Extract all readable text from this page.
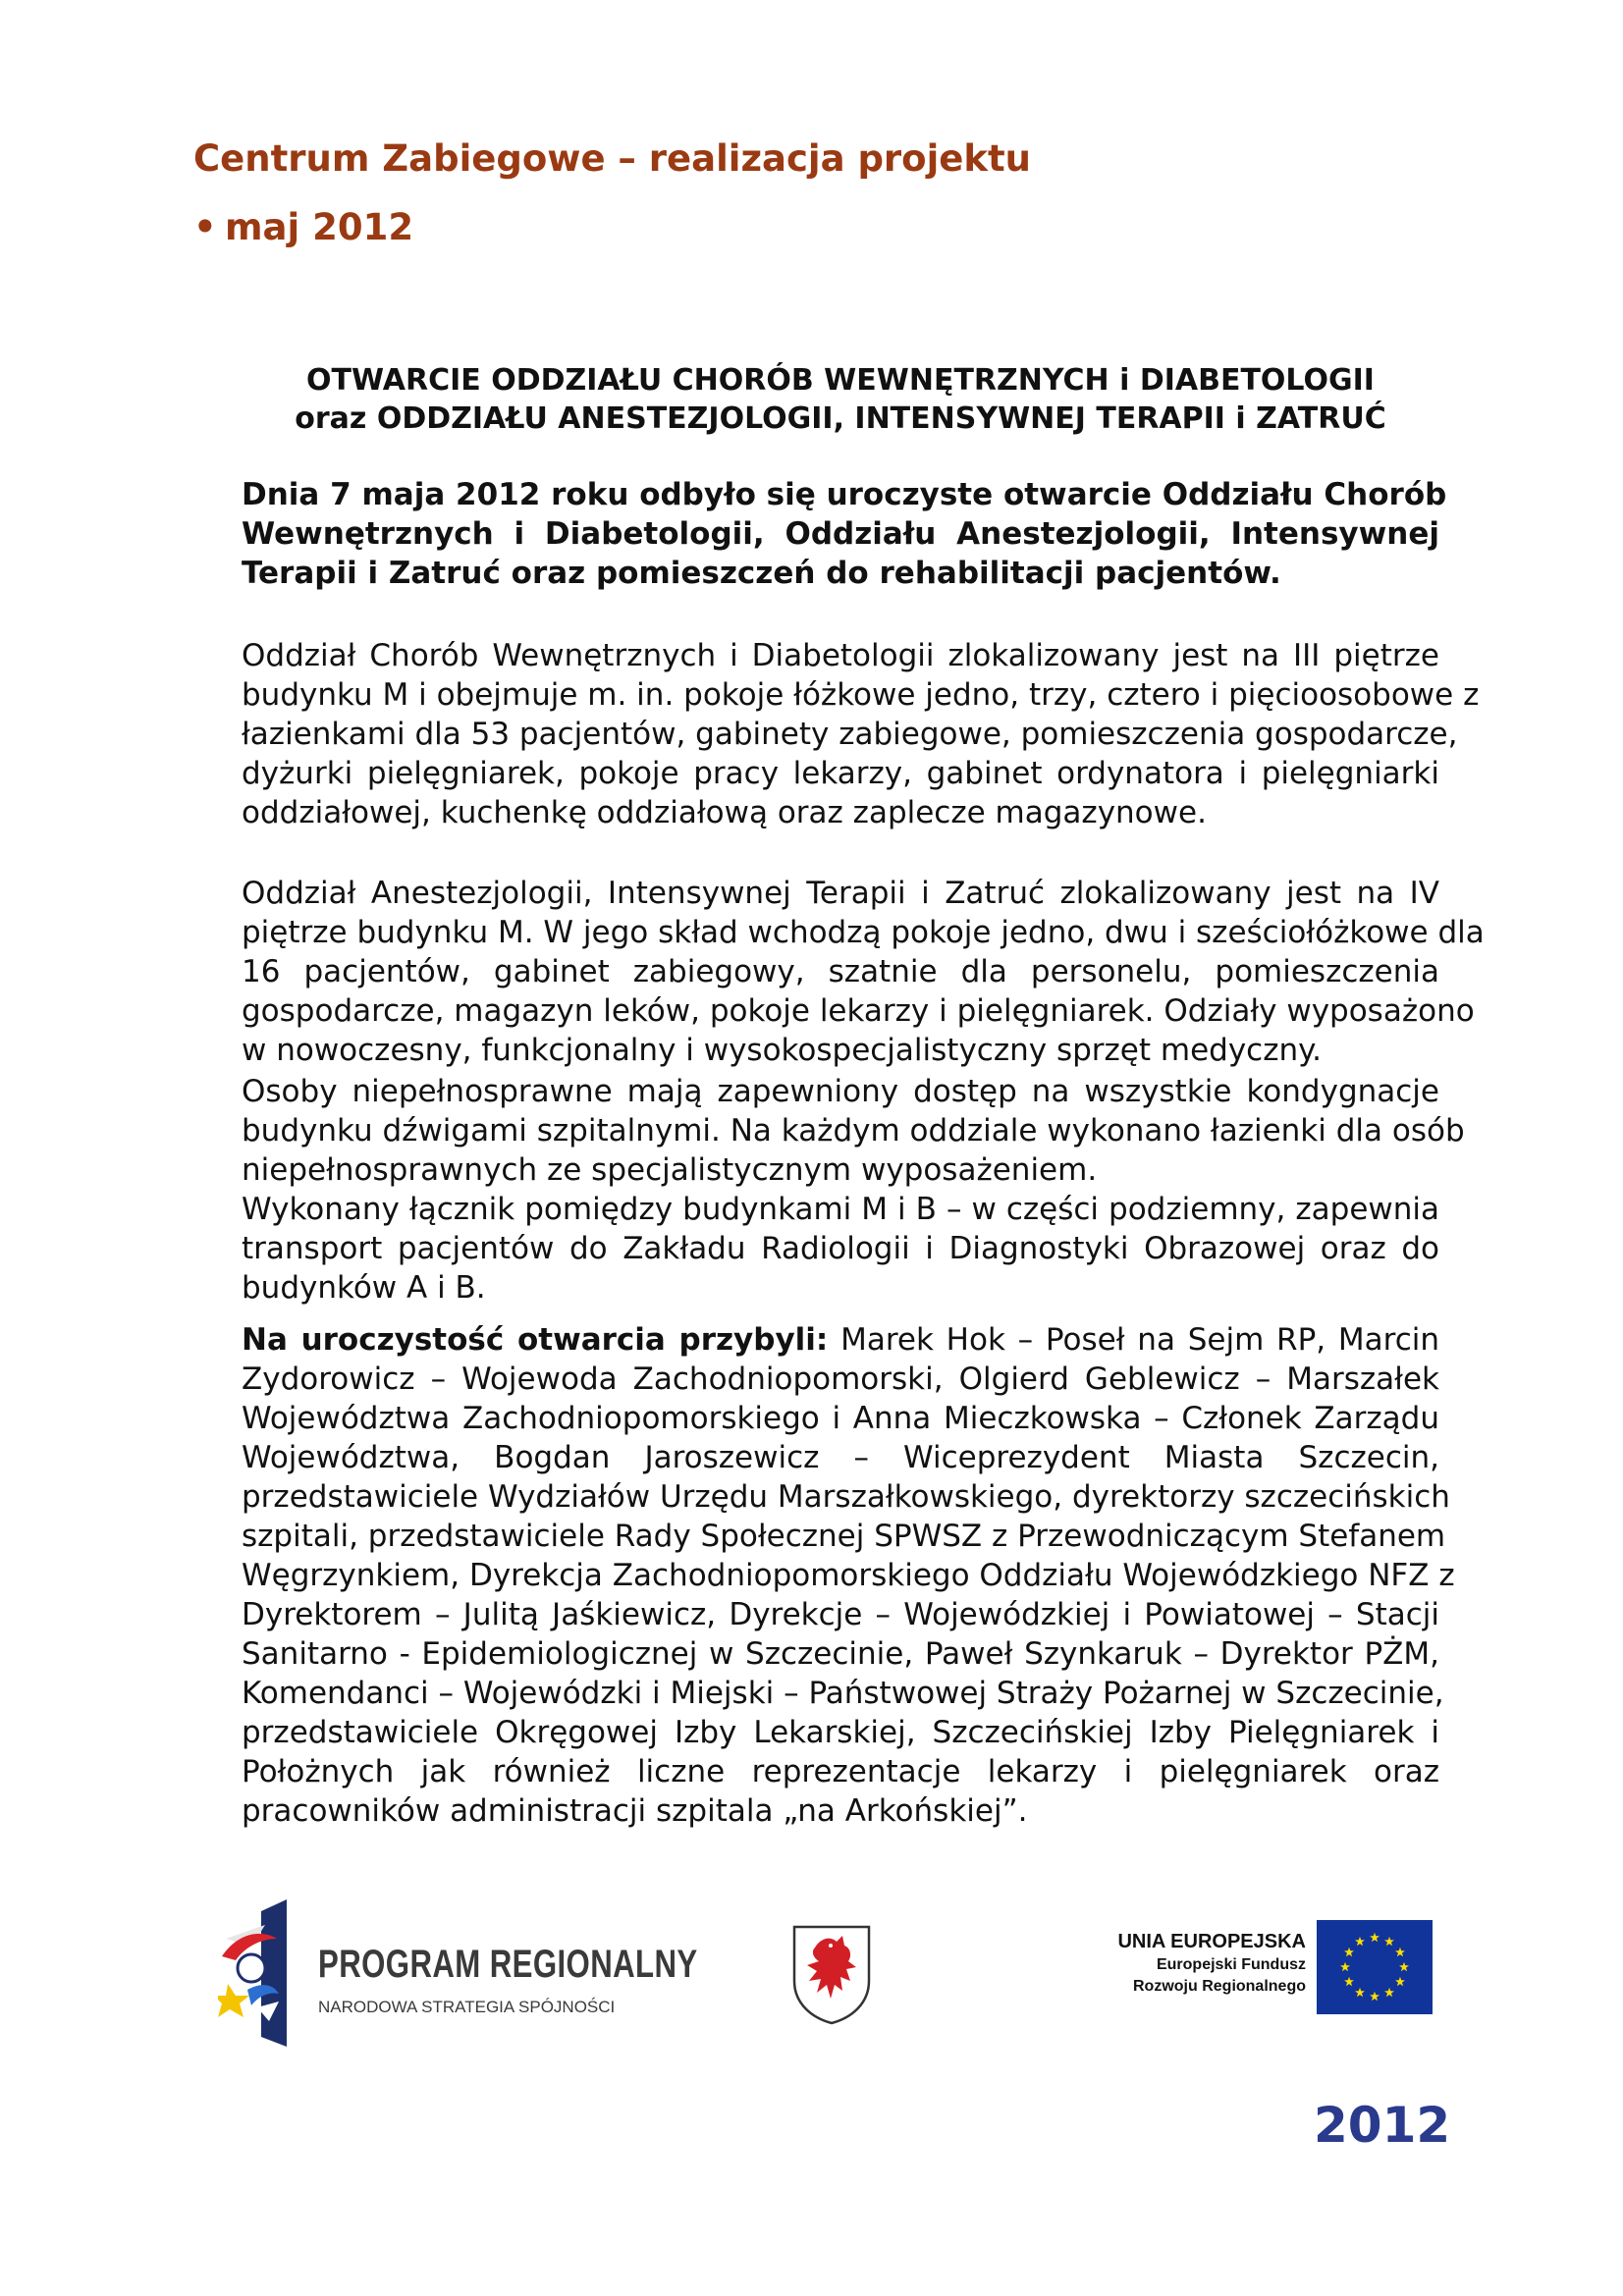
Centrum Zabiegowe – realizacja projektu
• maj 2012
OTWARCIE ODDZIAŁU CHORÓB WEWNĘTRZNYCH i DIABETOLOGII
oraz ODDZIAŁU ANESTEZJOLOGII, INTENSYWNEJ TERAPII i ZATRUĆ
Dnia 7 maja 2012 roku odbyło się uroczyste otwarcie Oddziału Chorób
Wewnętrznych i Diabetologii, Oddziału Anestezjologii, Intensywnej
Terapii i Zatruć oraz pomieszczeń do rehabilitacji pacjentów.
Oddział Chorób Wewnętrznych i Diabetologii zlokalizowany jest na III piętrze
budynku M i obejmuje m. in. pokoje łóżkowe jedno, trzy, cztero i pięcioosobowe z
łazienkami dla 53 pacjentów, gabinety zabiegowe, pomieszczenia gospodarcze,
dyżurki pielęgniarek, pokoje pracy lekarzy, gabinet ordynatora i pielęgniarki
oddziałowej, kuchenkę oddziałową oraz zaplecze magazynowe.
Oddział Anestezjologii, Intensywnej Terapii i Zatruć zlokalizowany jest na IV
piętrze budynku M. W jego skład wchodzą pokoje jedno, dwu i sześciołóżkowe dla
16 pacjentów, gabinet zabiegowy, szatnie dla personelu, pomieszczenia
gospodarcze, magazyn leków, pokoje lekarzy i pielęgniarek. Odziały wyposażono
w nowoczesny, funkcjonalny i wysokospecjalistyczny sprzęt medyczny.
Osoby niepełnosprawne mają zapewniony dostęp na wszystkie kondygnacje
budynku dźwigami szpitalnymi. Na każdym oddziale wykonano łazienki dla osób
niepełnosprawnych ze specjalistycznym wyposażeniem.
Wykonany łącznik pomiędzy budynkami M i B – w części podziemny, zapewnia
transport pacjentów do Zakładu Radiologii i Diagnostyki Obrazowej oraz do
budynków A i B.
Na uroczystość otwarcia przybyli: Marek Hok – Poseł na Sejm RP, Marcin
Zydorowicz – Wojewoda Zachodniopomorski, Olgierd Geblewicz – Marszałek
Województwa Zachodniopomorskiego i Anna Mieczkowska – Członek Zarządu
Województwa, Bogdan Jaroszewicz – Wiceprezydent Miasta Szczecin,
przedstawiciele Wydziałów Urzędu Marszałkowskiego, dyrektorzy szczecińskich
szpitali, przedstawiciele Rady Społecznej SPWSZ z Przewodniczącym Stefanem
Węgrzynkiem, Dyrekcja Zachodniopomorskiego Oddziału Wojewódzkiego NFZ z
Dyrektorem – Julitą Jaśkiewicz, Dyrekcje – Wojewódzkiej i Powiatowej – Stacji
Sanitarno - Epidemiologicznej w Szczecinie, Paweł Szynkaruk – Dyrektor PŻM,
Komendanci – Wojewódzki i Miejski – Państwowej Straży Pożarnej w Szczecinie,
przedstawiciele Okręgowej Izby Lekarskiej, Szczecińskiej Izby Pielęgniarek i
Położnych jak również liczne reprezentacje lekarzy i pielęgniarek oraz
pracowników administracji szpitala „na Arkońskiej”.
PROGRAM REGIONALNY
NARODOWA STRATEGIA SPÓJNOŚCI
UNIA EUROPEJSKA
Europejski Fundusz
Rozwoju Regionalnego
2012
